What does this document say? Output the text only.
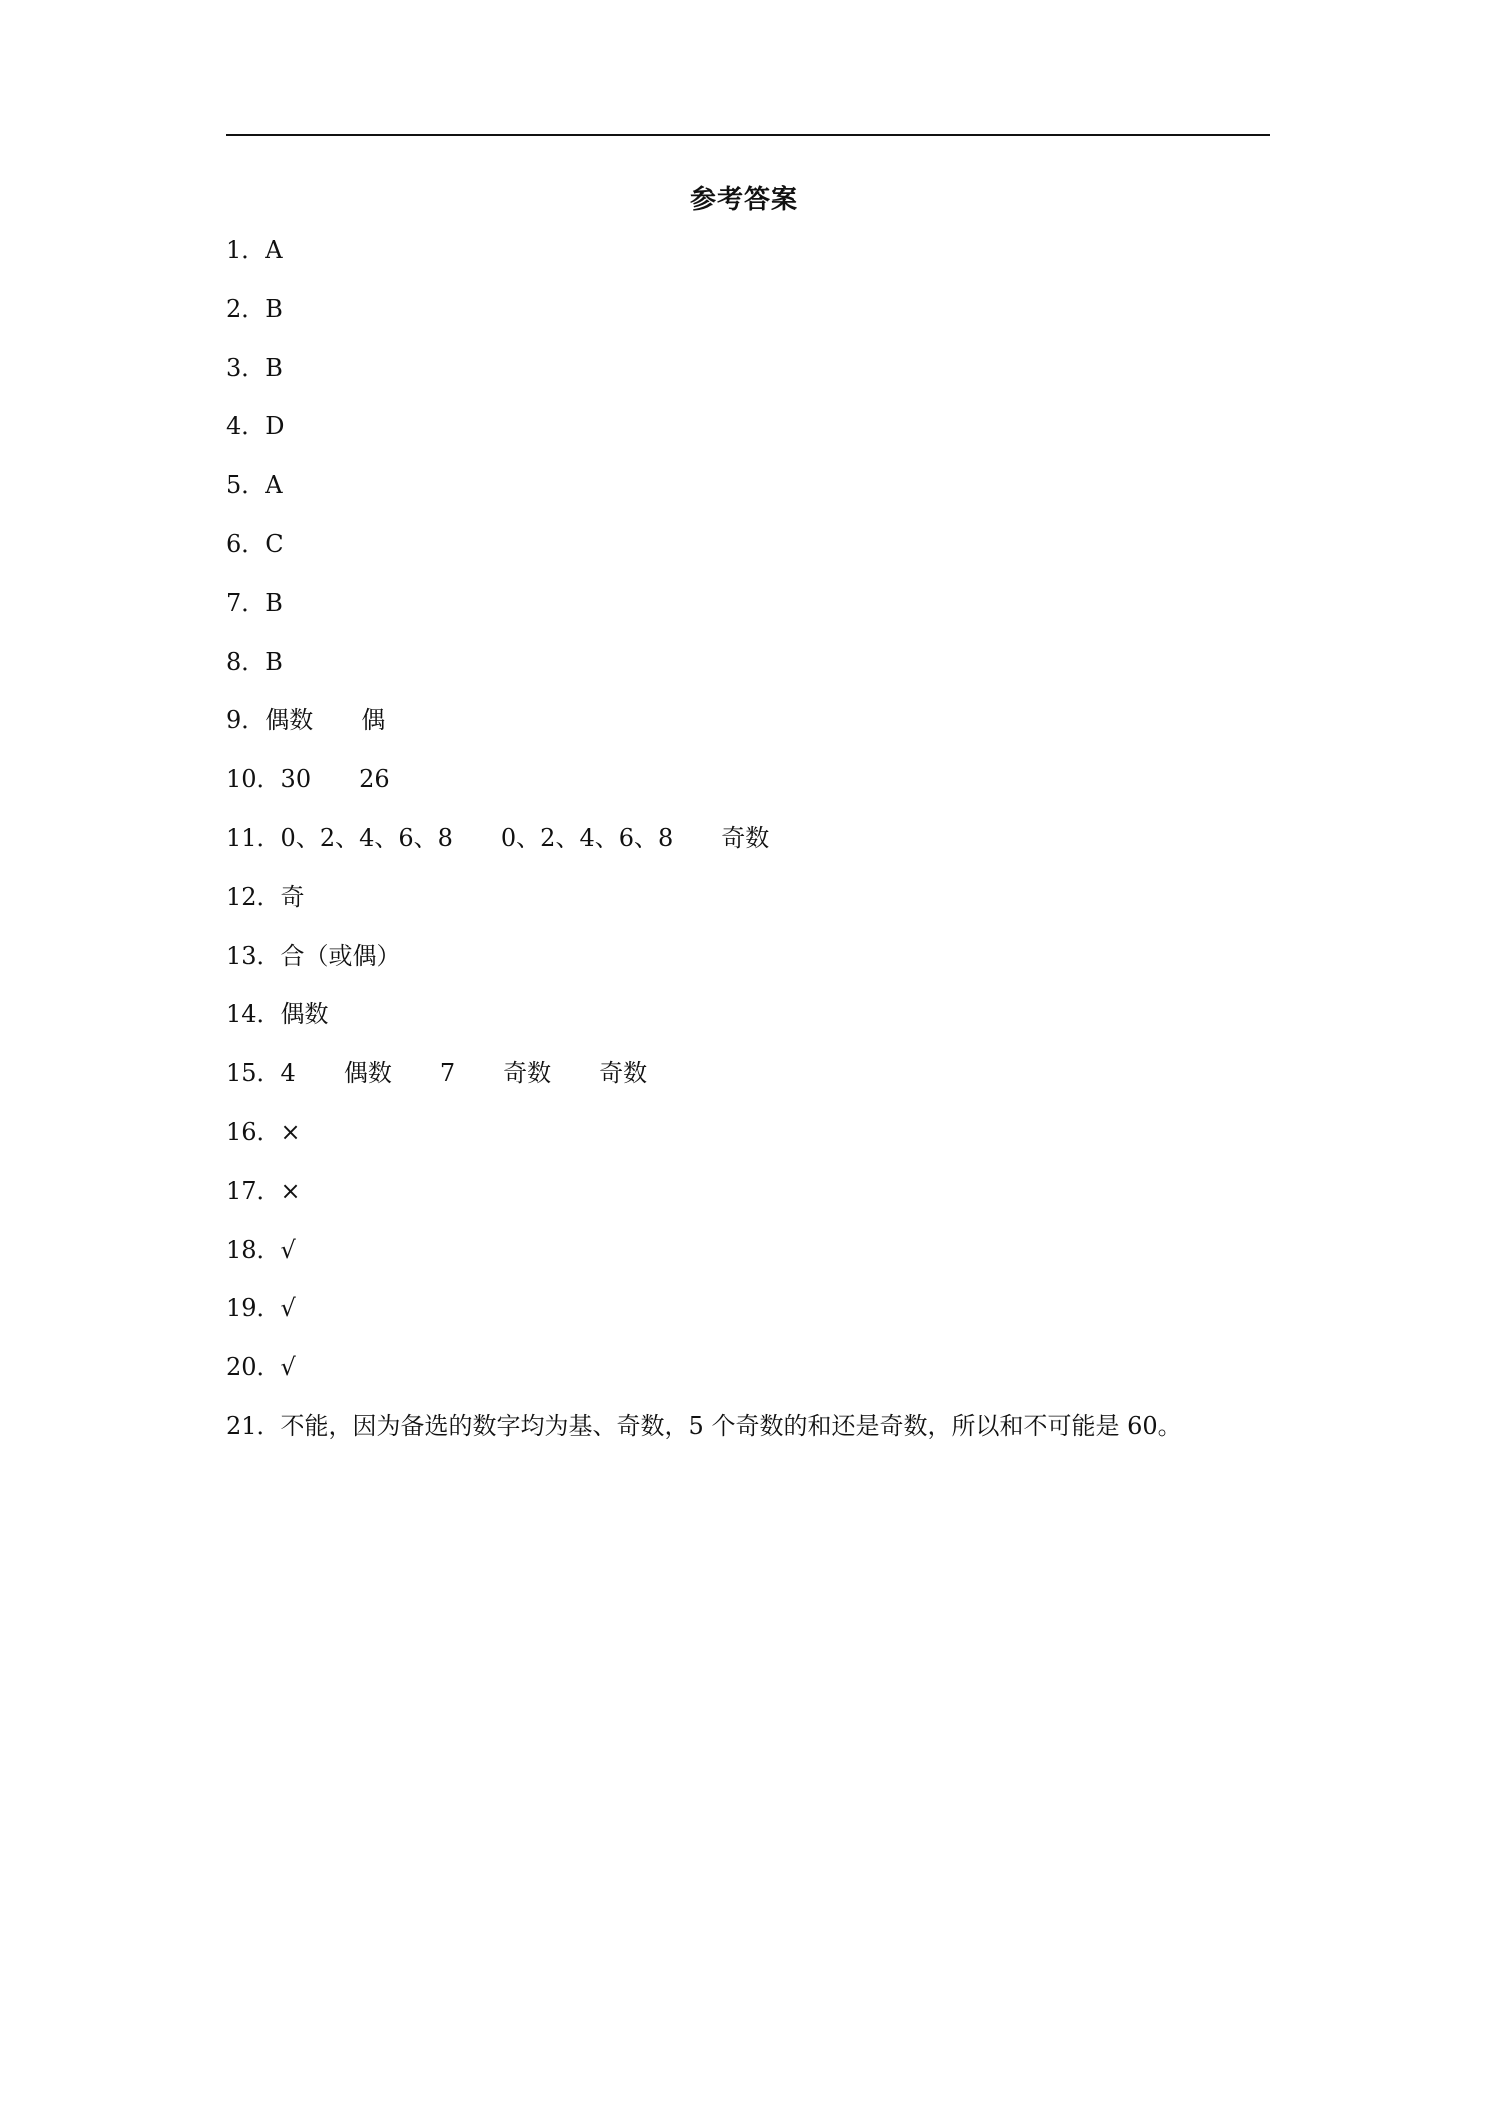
参考答案
1． A
2． B
3． B
4． D
5． A
6． C
7． B
8． B
9． 偶数 偶
10． 30 26
11． 0、2、4、6、8 0、2、4、6、8 奇数
12． 奇
13． 合（或偶）
14． 偶数
15． 4 偶数 7 奇数 奇数
16． ×
17． ×
18． √
19． √
20． √
21． 不能，因为备选的数字均为基、奇数，5 个奇数的和还是奇数，所以和不可能是 60。
